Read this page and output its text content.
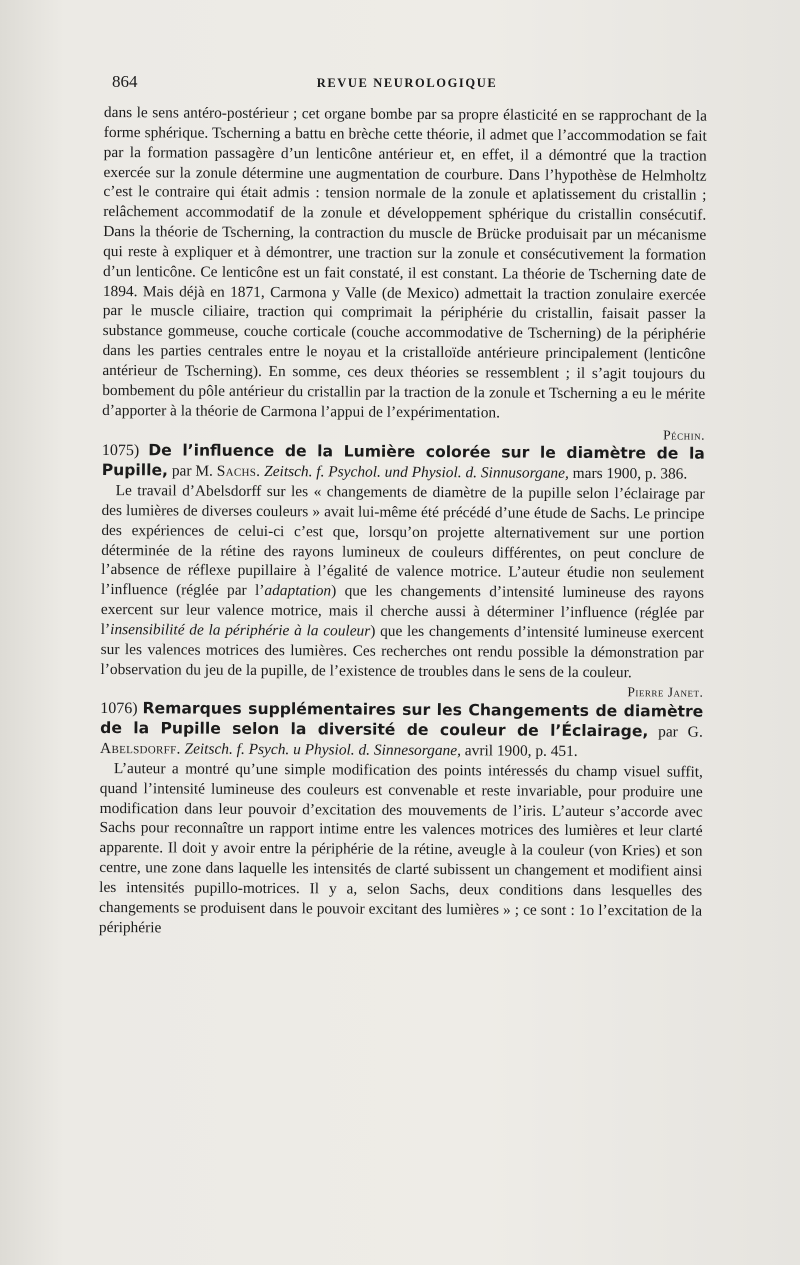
864	REVUE NEUROLOGIQUE

dans le sens antéro-postérieur ; cet organe bombe par sa propre élasticité en se rapprochant de la forme sphérique. Tscherning a battu en brèche cette théorie, il admet que l’accommodation se fait par la formation passagère d’un lenticône antérieur et, en effet, il a démontré que la traction exercée sur la zonule détermine une augmentation de courbure. Dans l’hypothèse de Helmholtz c’est le contraire qui était admis : tension normale de la zonule et aplatissement du cristallin ; relâchement accommodatif de la zonule et développement sphérique du cristallin consécutif. Dans la théorie de Tscherning, la contraction du muscle de Brücke produisait par un mécanisme qui reste à expliquer et à démontrer, une traction sur la zonule et consécutivement la formation d’un lenticône. Ce lenticône est un fait constaté, il est constant. La théorie de Tscherning date de 1894. Mais déjà en 1871, Carmona y Valle (de Mexico) admettait la traction zonulaire exercée par le muscle ciliaire, traction qui comprimait la périphérie du cristallin, faisait passer la substance gommeuse, couche corticale (couche accommodative de Tscherning) de la périphérie dans les parties centrales entre le noyau et la cristalloïde antérieure principalement (lenticône antérieur de Tscherning). En somme, ces deux théories se ressemblent ; il s’agit toujours du bombement du pôle antérieur du cristallin par la traction de la zonule et Tscherning a eu le mérite d’apporter à la théorie de Carmona l’appui de l’expérimentation.

Péchin.

1075) De l’influence de la Lumière colorée sur le diamètre de la Pupille, par M. Sachs. Zeitsch. f. Psychol. und Physiol. d. Sinnusorgane, mars 1900, p. 386.

Le travail d’Abelsdorff sur les « changements de diamètre de la pupille selon l’éclairage par des lumières de diverses couleurs » avait lui-même été précédé d’une étude de Sachs. Le principe des expériences de celui-ci c’est que, lorsqu’on projette alternativement sur une portion déterminée de la rétine des rayons lumineux de couleurs différentes, on peut conclure de l’absence de réflexe pupillaire à l’égalité de valence motrice. L’auteur étudie non seulement l’influence (réglée par l’adaptation) que les changements d’intensité lumineuse des rayons exercent sur leur valence motrice, mais il cherche aussi à déterminer l’influence (réglée par l’insensibilité de la périphérie à la couleur) que les changements d’intensité lumineuse exercent sur les valences motrices des lumières. Ces recherches ont rendu possible la démonstration par l’observation du jeu de la pupille, de l’existence de troubles dans le sens de la couleur.
Pierre Janet.

1076) Remarques supplémentaires sur les Changements de diamètre de la Pupille selon la diversité de couleur de l’Éclairage, par G. Abelsdorff. Zeitsch. f. Psych. u Physiol. d. Sinnesorgane, avril 1900, p. 451.

L’auteur a montré qu’une simple modification des points intéressés du champ visuel suffit, quand l’intensité lumineuse des couleurs est convenable et reste invariable, pour produire une modification dans leur pouvoir d’excitation des mouvements de l’iris. L’auteur s’accorde avec Sachs pour reconnaître un rapport intime entre les valences motrices des lumières et leur clarté apparente. Il doit y avoir entre la périphérie de la rétine, aveugle à la couleur (von Kries) et son centre, une zone dans laquelle les intensités de clarté subissent un changement et modifient ainsi les intensités pupillo-motrices. Il y a, selon Sachs, deux conditions dans lesquelles des changements se produisent dans le pouvoir excitant des lumières » ; ce sont : 1o l’excitation de la périphérie
